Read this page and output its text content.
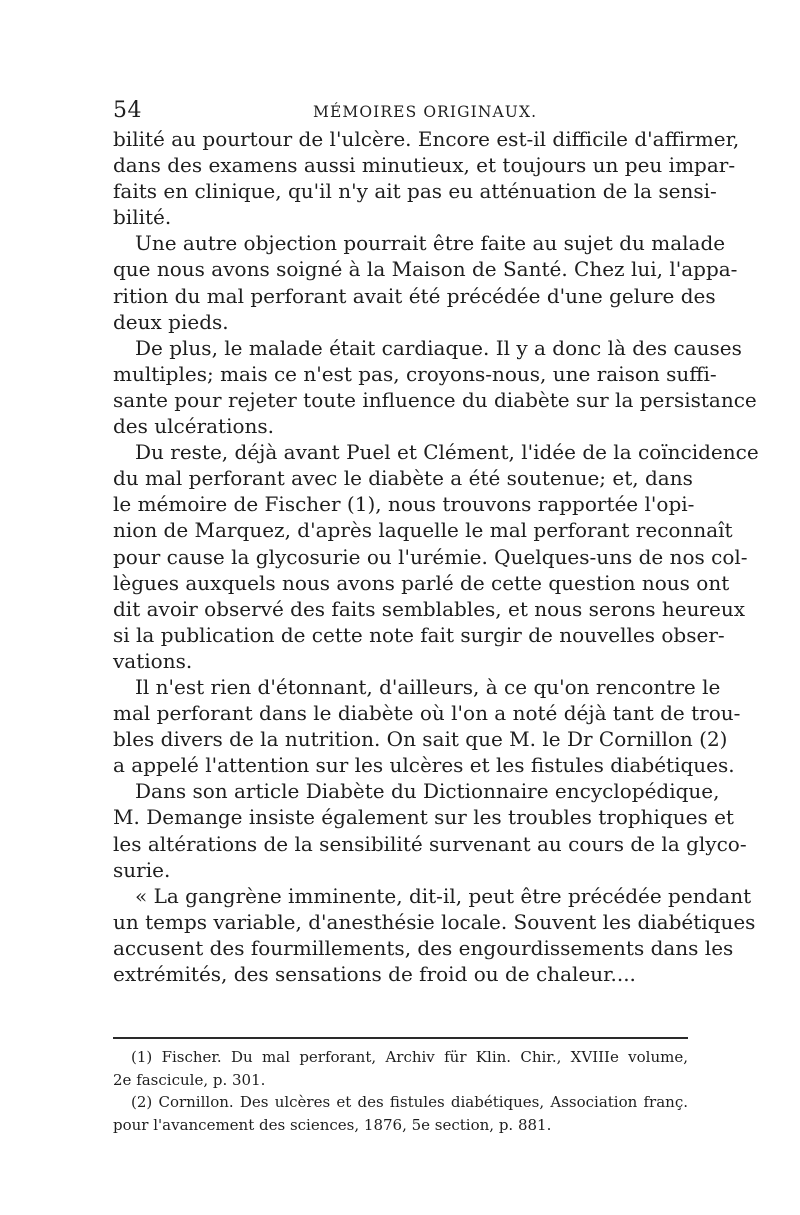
54	MÉMOIRES ORIGINAUX.
bilité au pourtour de l'ulcère. Encore est-il difficile d'affirmer,
dans des examens aussi minutieux, et toujours un peu impar-
faits en clinique, qu'il n'y ait pas eu atténuation de la sensi-
bilité.
Une autre objection pourrait être faite au sujet du malade
que nous avons soigné à la Maison de Santé. Chez lui, l'appa-
rition du mal perforant avait été précédée d'une gelure des
deux pieds.
De plus, le malade était cardiaque. Il y a donc là des causes
multiples; mais ce n'est pas, croyons-nous, une raison suffi-
sante pour rejeter toute influence du diabète sur la persistance
des ulcérations.
Du reste, déjà avant Puel et Clément, l'idée de la coïncidence
du mal perforant avec le diabète a été soutenue; et, dans
le mémoire de Fischer (1), nous trouvons rapportée l'opi-
nion de Marquez, d'après laquelle le mal perforant reconnaît
pour cause la glycosurie ou l'urémie. Quelques-uns de nos col-
lègues auxquels nous avons parlé de cette question nous ont
dit avoir observé des faits semblables, et nous serons heureux
si la publication de cette note fait surgir de nouvelles obser-
vations.
Il n'est rien d'étonnant, d'ailleurs, à ce qu'on rencontre le
mal perforant dans le diabète où l'on a noté déjà tant de trou-
bles divers de la nutrition. On sait que M. le Dr Cornillon (2)
a appelé l'attention sur les ulcères et les fistules diabétiques.
Dans son article Diabète du Dictionnaire encyclopédique,
M. Demange insiste également sur les troubles trophiques et
les altérations de la sensibilité survenant au cours de la glyco-
surie.
« La gangrène imminente, dit-il, peut être précédée pendant
un temps variable, d'anesthésie locale. Souvent les diabétiques
accusent des fourmillements, des engourdissements dans les
extrémités, des sensations de froid ou de chaleur....
(1) Fischer. Du mal perforant, Archiv für Klin. Chir., XVIIIe volume,
2e fascicule, p. 301.
(2) Cornillon. Des ulcères et des fistules diabétiques, Association franç.
pour l'avancement des sciences, 1876, 5e section, p. 881.
